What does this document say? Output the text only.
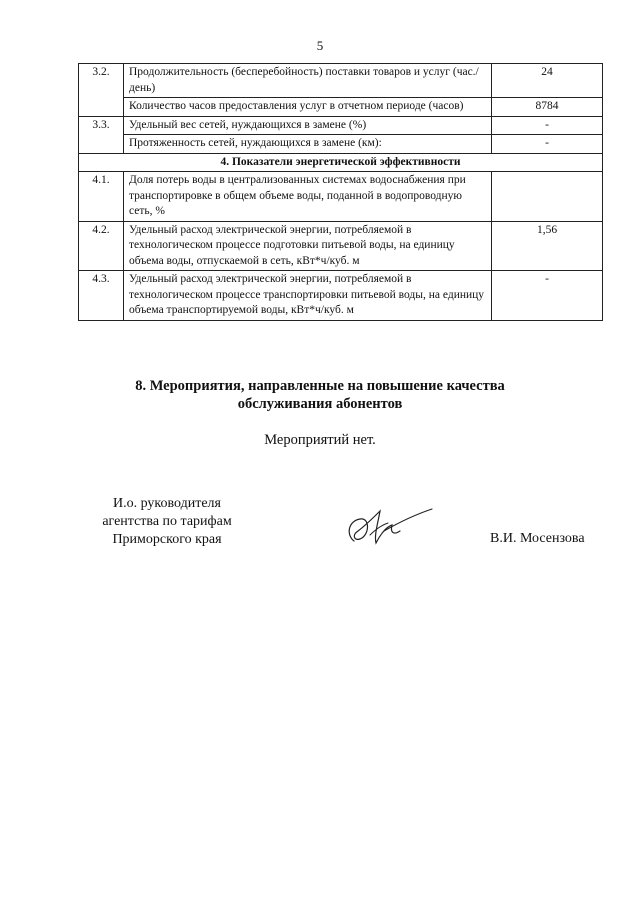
5
3.2.	Продолжительность (бесперебойность) поставки товаров и услуг (час./день)	24
	Количество часов предоставления услуг в отчетном периоде (часов)	8784
3.3.	Удельный вес сетей, нуждающихся в замене (%)	-
	Протяженность сетей, нуждающихся в замене (км):	-
4. Показатели энергетической эффективности		
4.1.	Доля потерь воды в централизованных системах водоснабжения при транспортировке в общем объеме воды, поданной в водопроводную сеть, %	
4.2.	Удельный расход электрической энергии, потребляемой в технологическом процессе подготовки питьевой воды, на единицу объема воды, отпускаемой в сеть, кВт*ч/куб. м	1,56
4.3.	Удельный расход электрической энергии, потребляемой в технологическом процессе транспортировки питьевой воды, на единицу объема транспортируемой воды, кВт*ч/куб. м	-
8. Мероприятия, направленные на повышение качества
обслуживания абонентов
Мероприятий нет.
И.о. руководителя
агентства по тарифам
Приморского края	В.И. Мосензова
